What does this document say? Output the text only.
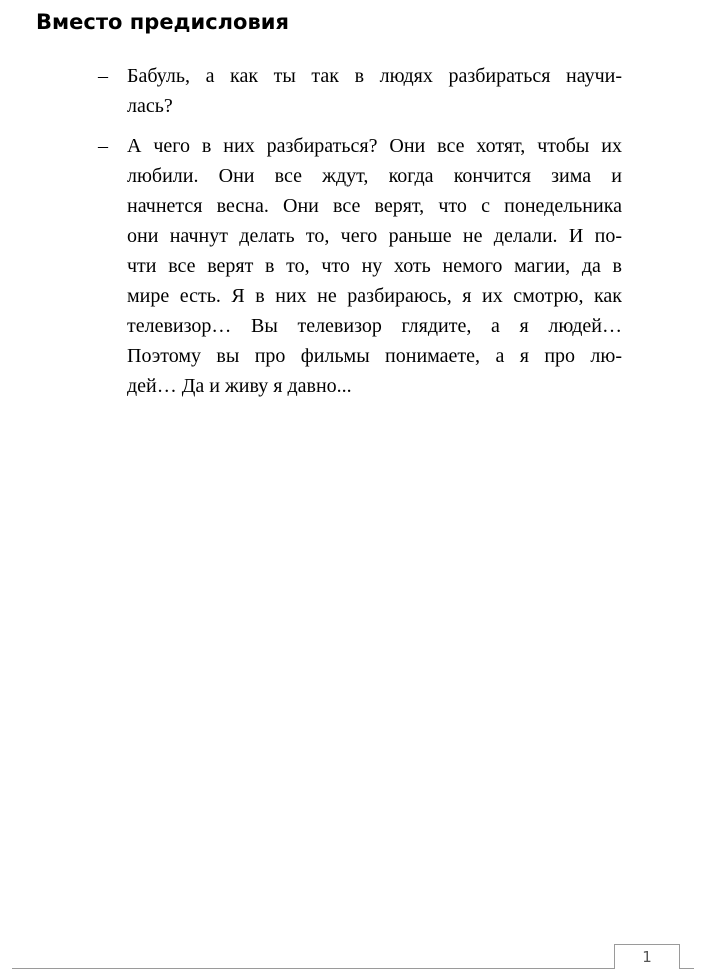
Вместо предисловия

– Бабуль, а как ты так в людях разбираться научи-
лась?

– А чего в них разбираться? Они все хотят, чтобы их
любили. Они все ждут, когда кончится зима и
начнется весна. Они все верят, что с понедельника
они начнут делать то, чего раньше не делали. И по-
чти все верят в то, что ну хоть немого магии, да в
мире есть. Я в них не разбираюсь, я их смотрю, как
телевизор… Вы телевизор глядите, а я людей…
Поэтому вы про фильмы понимаете, а я про лю-
дей… Да и живу я давно...

1
